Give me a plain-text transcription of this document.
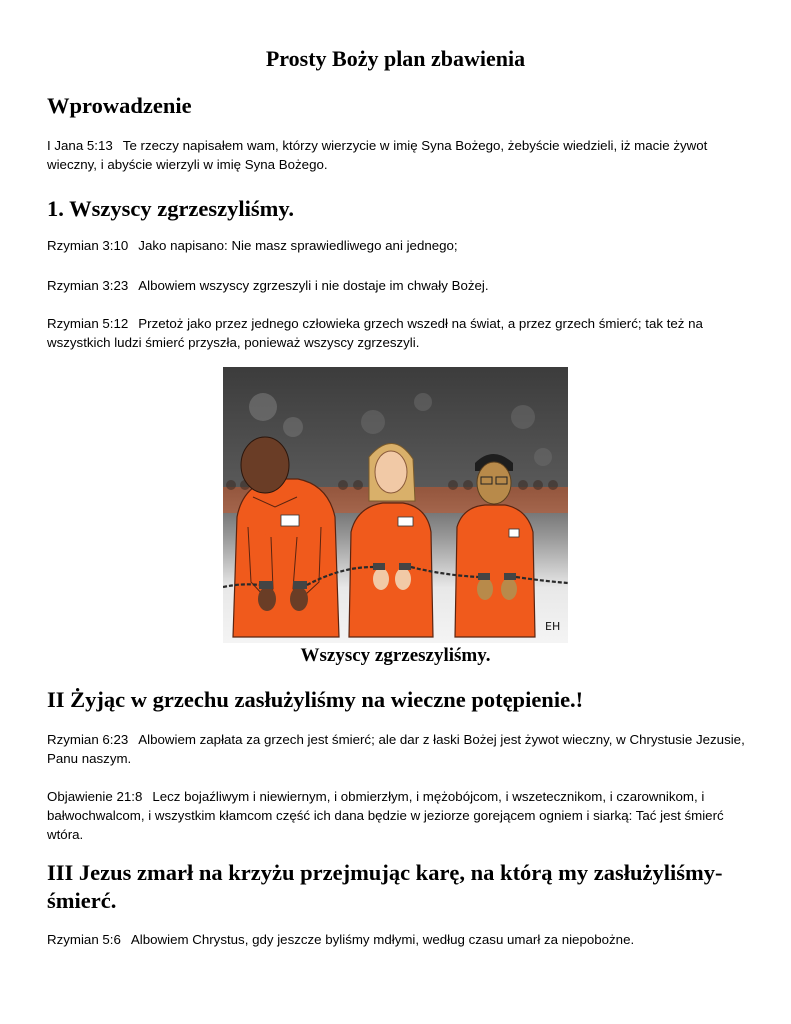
Prosty Boży plan zbawienia
Wprowadzenie

I Jana 5:13 Te rzeczy napisałem wam, którzy wierzycie w imię Syna Bożego, żebyście wiedzieli, iż macie żywot wieczny, i abyście wierzyli w imię Syna Bożego.

1. Wszyscy zgrzeszyliśmy.

Rzymian 3:10 Jako napisano: Nie masz sprawiedliwego ani jednego;

Rzymian 3:23 Albowiem wszyscy zgrzeszyli i nie dostaje im chwały Bożej.

Rzymian 5:12 Przetoż jako przez jednego człowieka grzech wszedł na świat, a przez grzech śmierć; tak też na wszystkich ludzi śmierć przyszła, ponieważ wszyscy zgrzeszyli.

EH

Wszyscy zgrzeszyliśmy.

II Żyjąc w grzechu zasłużyliśmy na wieczne potępienie.!

Rzymian 6:23 Albowiem zapłata za grzech jest śmierć; ale dar z łaski Bożej jest żywot wieczny, w Chrystusie Jezusie, Panu naszym.

Objawienie 21:8 Lecz bojaźliwym i niewiernym, i obmierzłym, i mężobójcom, i wszetecznikom, i czarownikom, i bałwochwalcom, i wszystkim kłamcom część ich dana będzie w jeziorze gorejącem ogniem i siarką: Tać jest śmierć wtóra.

III Jezus zmarł na krzyżu przejmując karę, na którą my zasłużyliśmy- śmierć.

Rzymian 5:6 Albowiem Chrystus, gdy jeszcze byliśmy mdłymi, według czasu umarł za niepobożne.
